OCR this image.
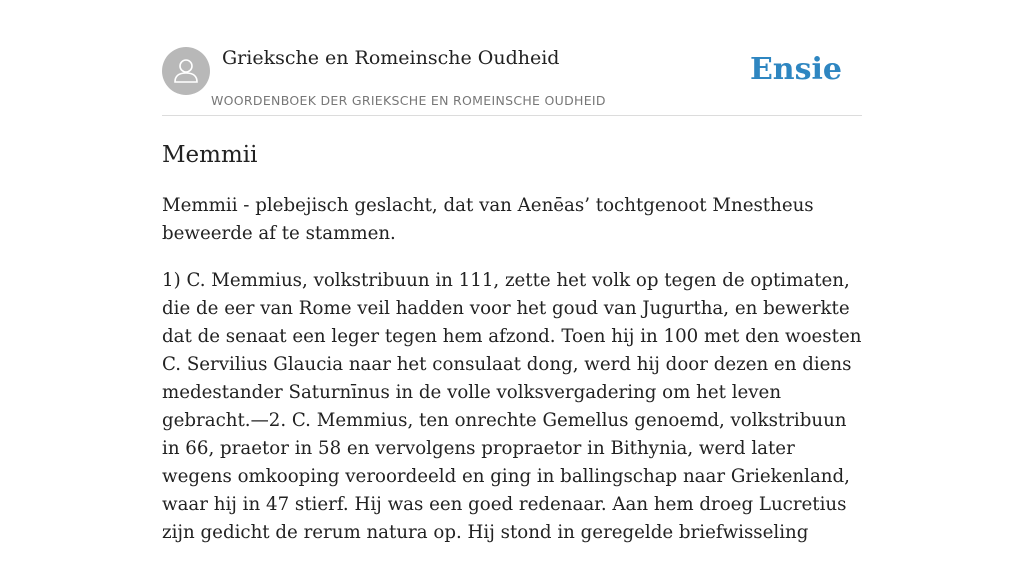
Grieksche en Romeinsche Oudheid
WOORDENBOEK DER GRIEKSCHE EN ROMEINSCHE OUDHEID
Ensie
Memmii

Memmii - plebejisch geslacht, dat van Aenēas’ tochtgenoot Mnestheus beweerde af te stammen.

1) C. Memmius, volkstribuun in 111, zette het volk op tegen de optimaten, die de eer van Rome veil hadden voor het goud van Jugurtha, en bewerkte dat de senaat een leger tegen hem afzond. Toen hij in 100 met den woesten C. Servilius Glaucia naar het consulaat dong, werd hij door dezen en diens medestander Saturnīnus in de volle volksvergadering om het leven gebracht.—2. C. Memmius, ten onrechte Gemellus genoemd, volkstribuun in 66, praetor in 58 en vervolgens propraetor in Bithynia, werd later wegens omkooping veroordeeld en ging in ballingschap naar Griekenland, waar hij in 47 stierf. Hij was een goed redenaar. Aan hem droeg Lucretius zijn gedicht de rerum natura op. Hij stond in geregelde briefwisseling
